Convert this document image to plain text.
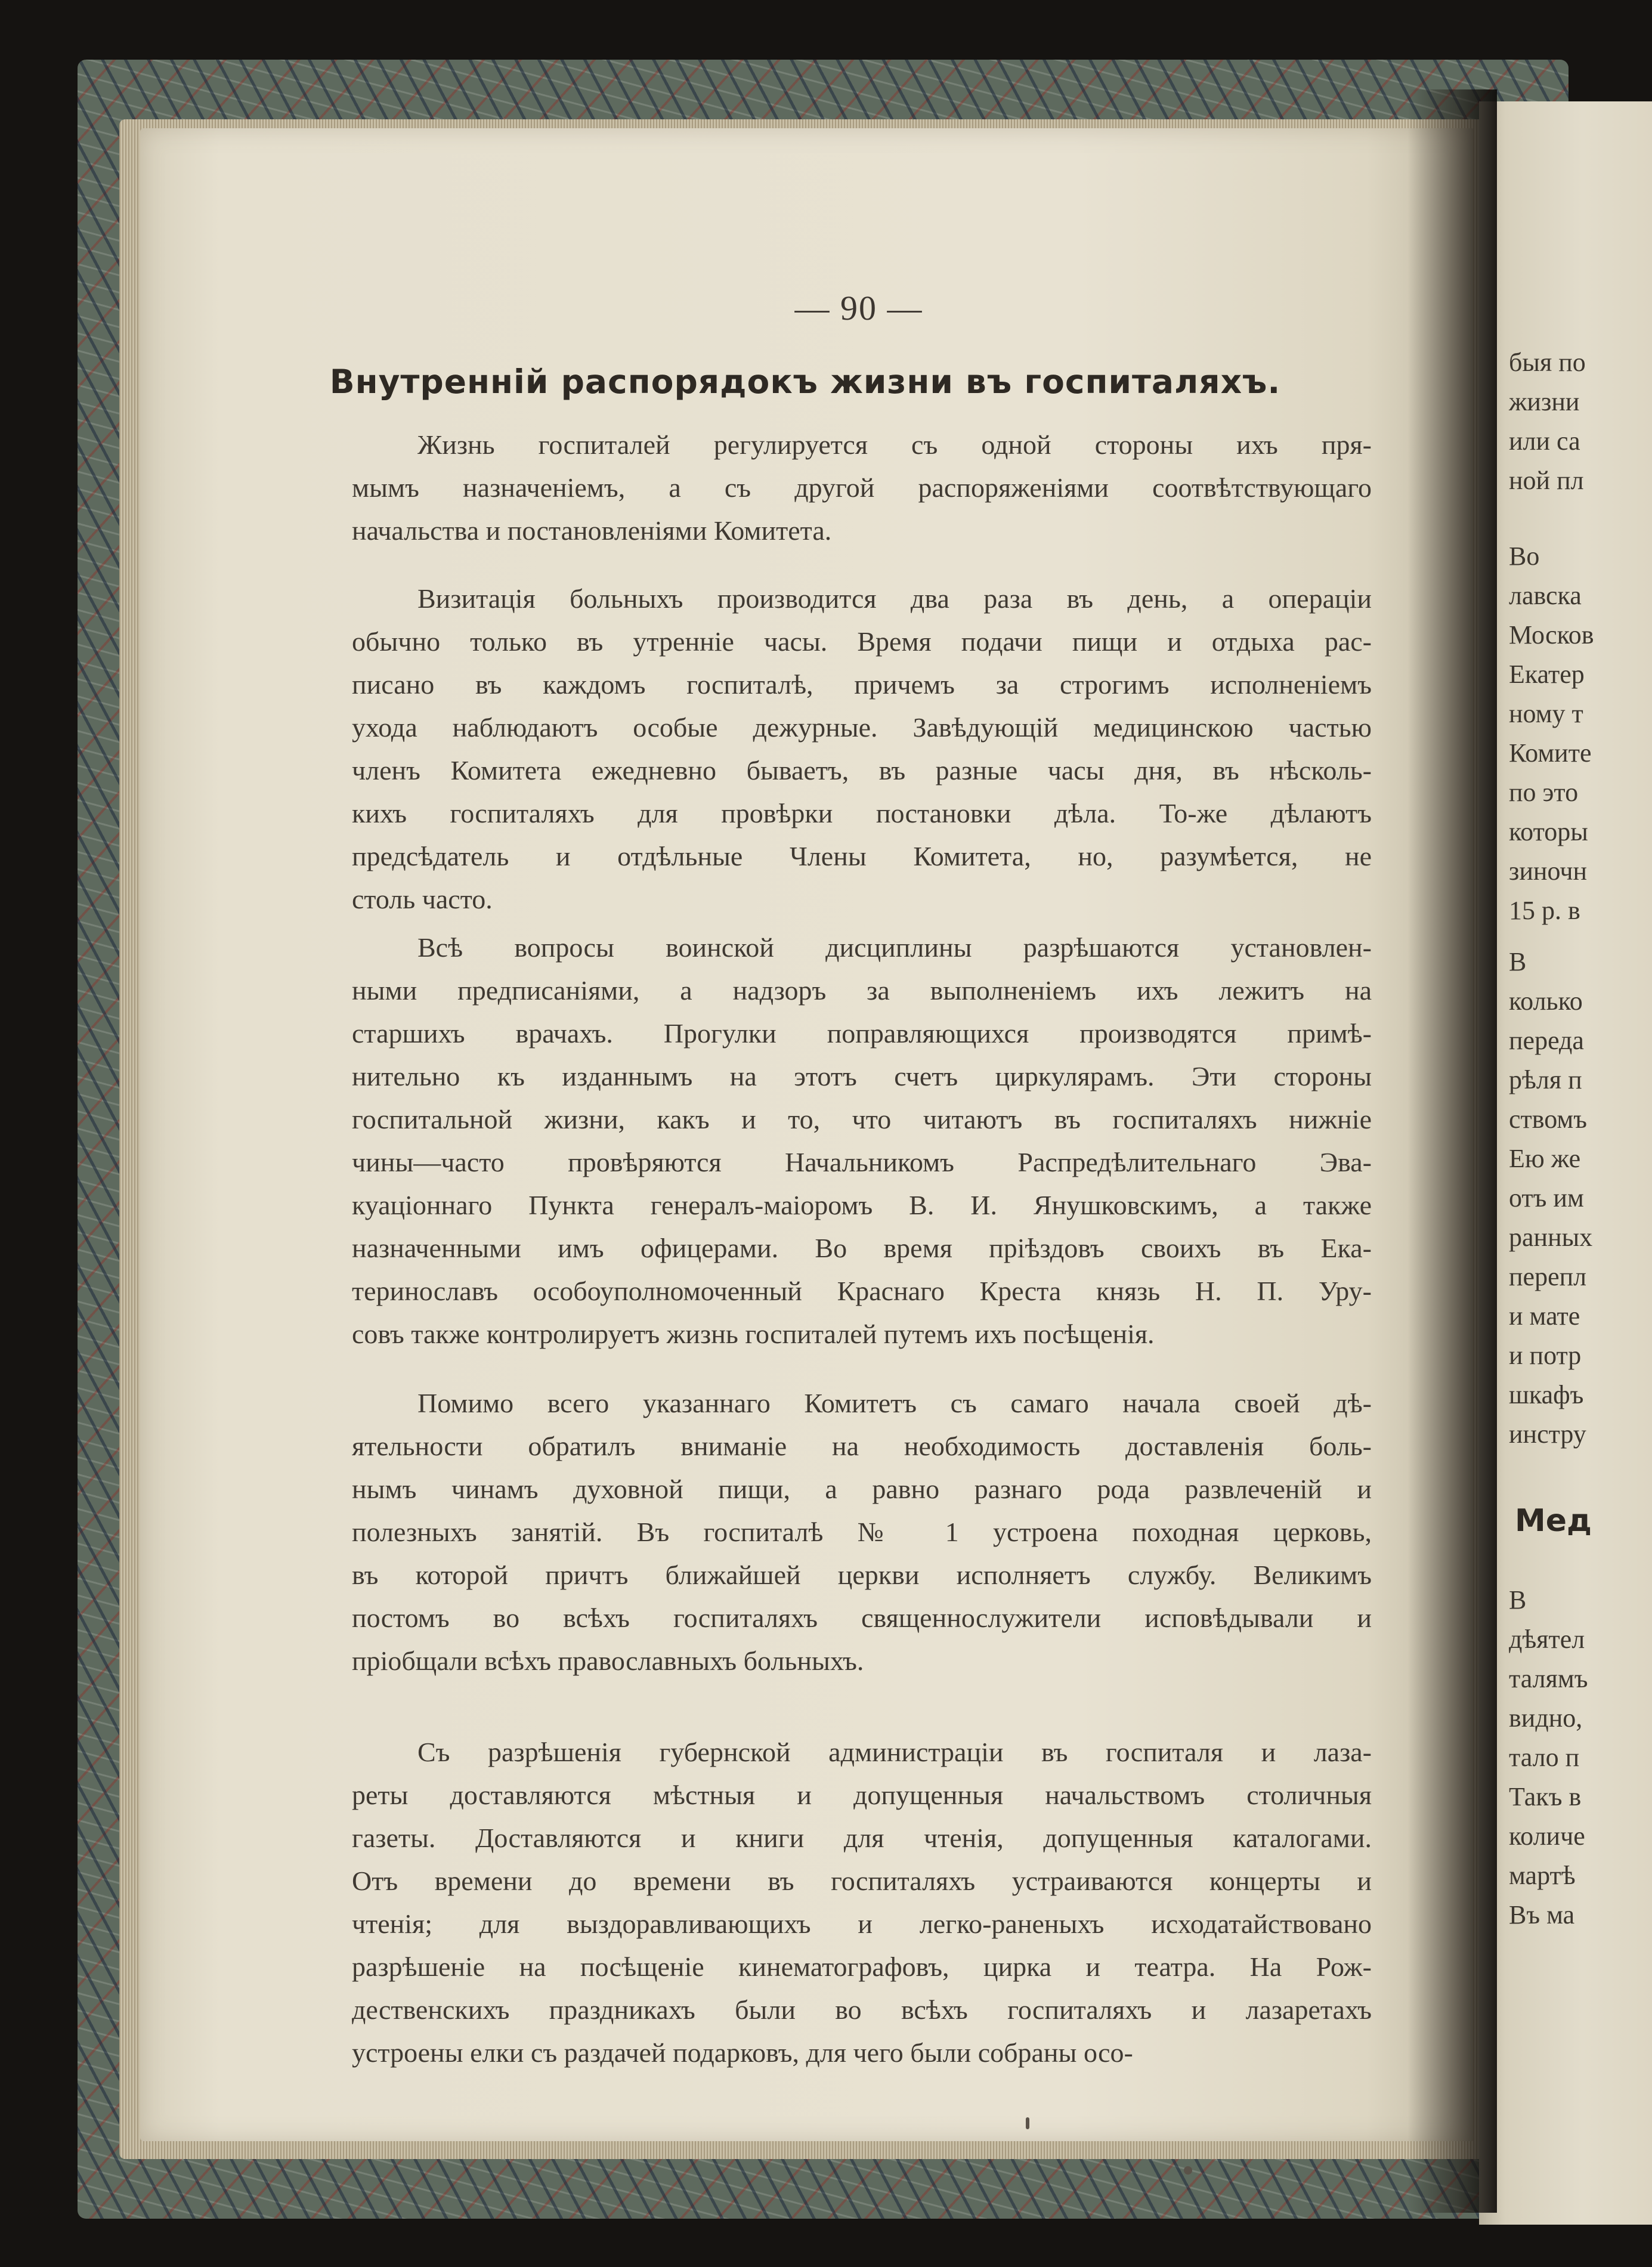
— 90 —
Внутренній распорядокъ жизни въ госпиталяхъ.
Жизнь госпиталей регулируется съ одной стороны ихъ пря-
мымъ назначеніемъ, а съ другой распоряженіями соотвѣтствующаго
начальства и постановленіями Комитета.
Визитація больныхъ производится два раза въ день, а операціи
обычно только въ утренніе часы. Время подачи пищи и отдыха рас-
писано въ каждомъ госпиталѣ, причемъ за строгимъ исполненіемъ
ухода наблюдаютъ особые дежурные. Завѣдующій медицинскою частью
членъ Комитета ежедневно бываетъ, въ разные часы дня, въ нѣсколь-
кихъ госпиталяхъ для провѣрки постановки дѣла. То-же дѣлаютъ
предсѣдатель и отдѣльные Члены Комитета, но, разумѣется, не
столь часто.
Всѣ вопросы воинской дисциплины разрѣшаются установлен-
ными предписаніями, а надзоръ за выполненіемъ ихъ лежитъ на
старшихъ врачахъ. Прогулки поправляющихся производятся примѣ-
нительно къ изданнымъ на этотъ счетъ циркулярамъ. Эти стороны
госпитальной жизни, какъ и то, что читаютъ въ госпиталяхъ нижніе
чины—часто провѣряются Начальникомъ Распредѣлительнаго Эва-
куаціоннаго Пункта генералъ-маіоромъ В. И. Янушковскимъ, а также
назначенными имъ офицерами. Во время пріѣздовъ своихъ въ Ека-
теринославъ особоуполномоченный Краснаго Креста князь Н. П. Уру-
совъ также контролируетъ жизнь госпиталей путемъ ихъ посѣщенія.
Помимо всего указаннаго Комитетъ съ самаго начала своей дѣ-
ятельности обратилъ вниманіе на необходимость доставленія боль-
нымъ чинамъ духовной пищи, а равно разнаго рода развлеченій и
полезныхъ занятій. Въ госпиталѣ № 1 устроена походная церковь,
въ которой причтъ ближайшей церкви исполняетъ службу. Великимъ
постомъ во всѣхъ госпиталяхъ священнослужители исповѣдывали и
пріобщали всѣхъ православныхъ больныхъ.
Съ разрѣшенія губернской администраціи въ госпиталя и лаза-
реты доставляются мѣстныя и допущенныя начальствомъ столичныя
газеты. Доставляются и книги для чтенія, допущенныя каталогами.
Отъ времени до времени въ госпиталяхъ устраиваются концерты и
чтенія; для выздоравливающихъ и легко-раненыхъ исходатайствовано
разрѣшеніе на посѣщеніе кинематографовъ, цирка и театра. На Рож-
дественскихъ праздникахъ были во всѣхъ госпиталяхъ и лазаретахъ
устроены елки съ раздачей подарковъ, для чего были собраны осо-
быя по
жизни
или са
ной пл
Во
лавска
Москов
Екатер
ному т
Комите
по это
которы
зиночн
15 р. в
В
колько
переда
рѣля п
ствомъ
Ею же
отъ им
ранных
перепл
и мате
и потр
шкафъ
инстру
Мед
В
дѣятел
талямъ
видно,
тало п
Такъ в
количе
мартѣ
Въ ма
